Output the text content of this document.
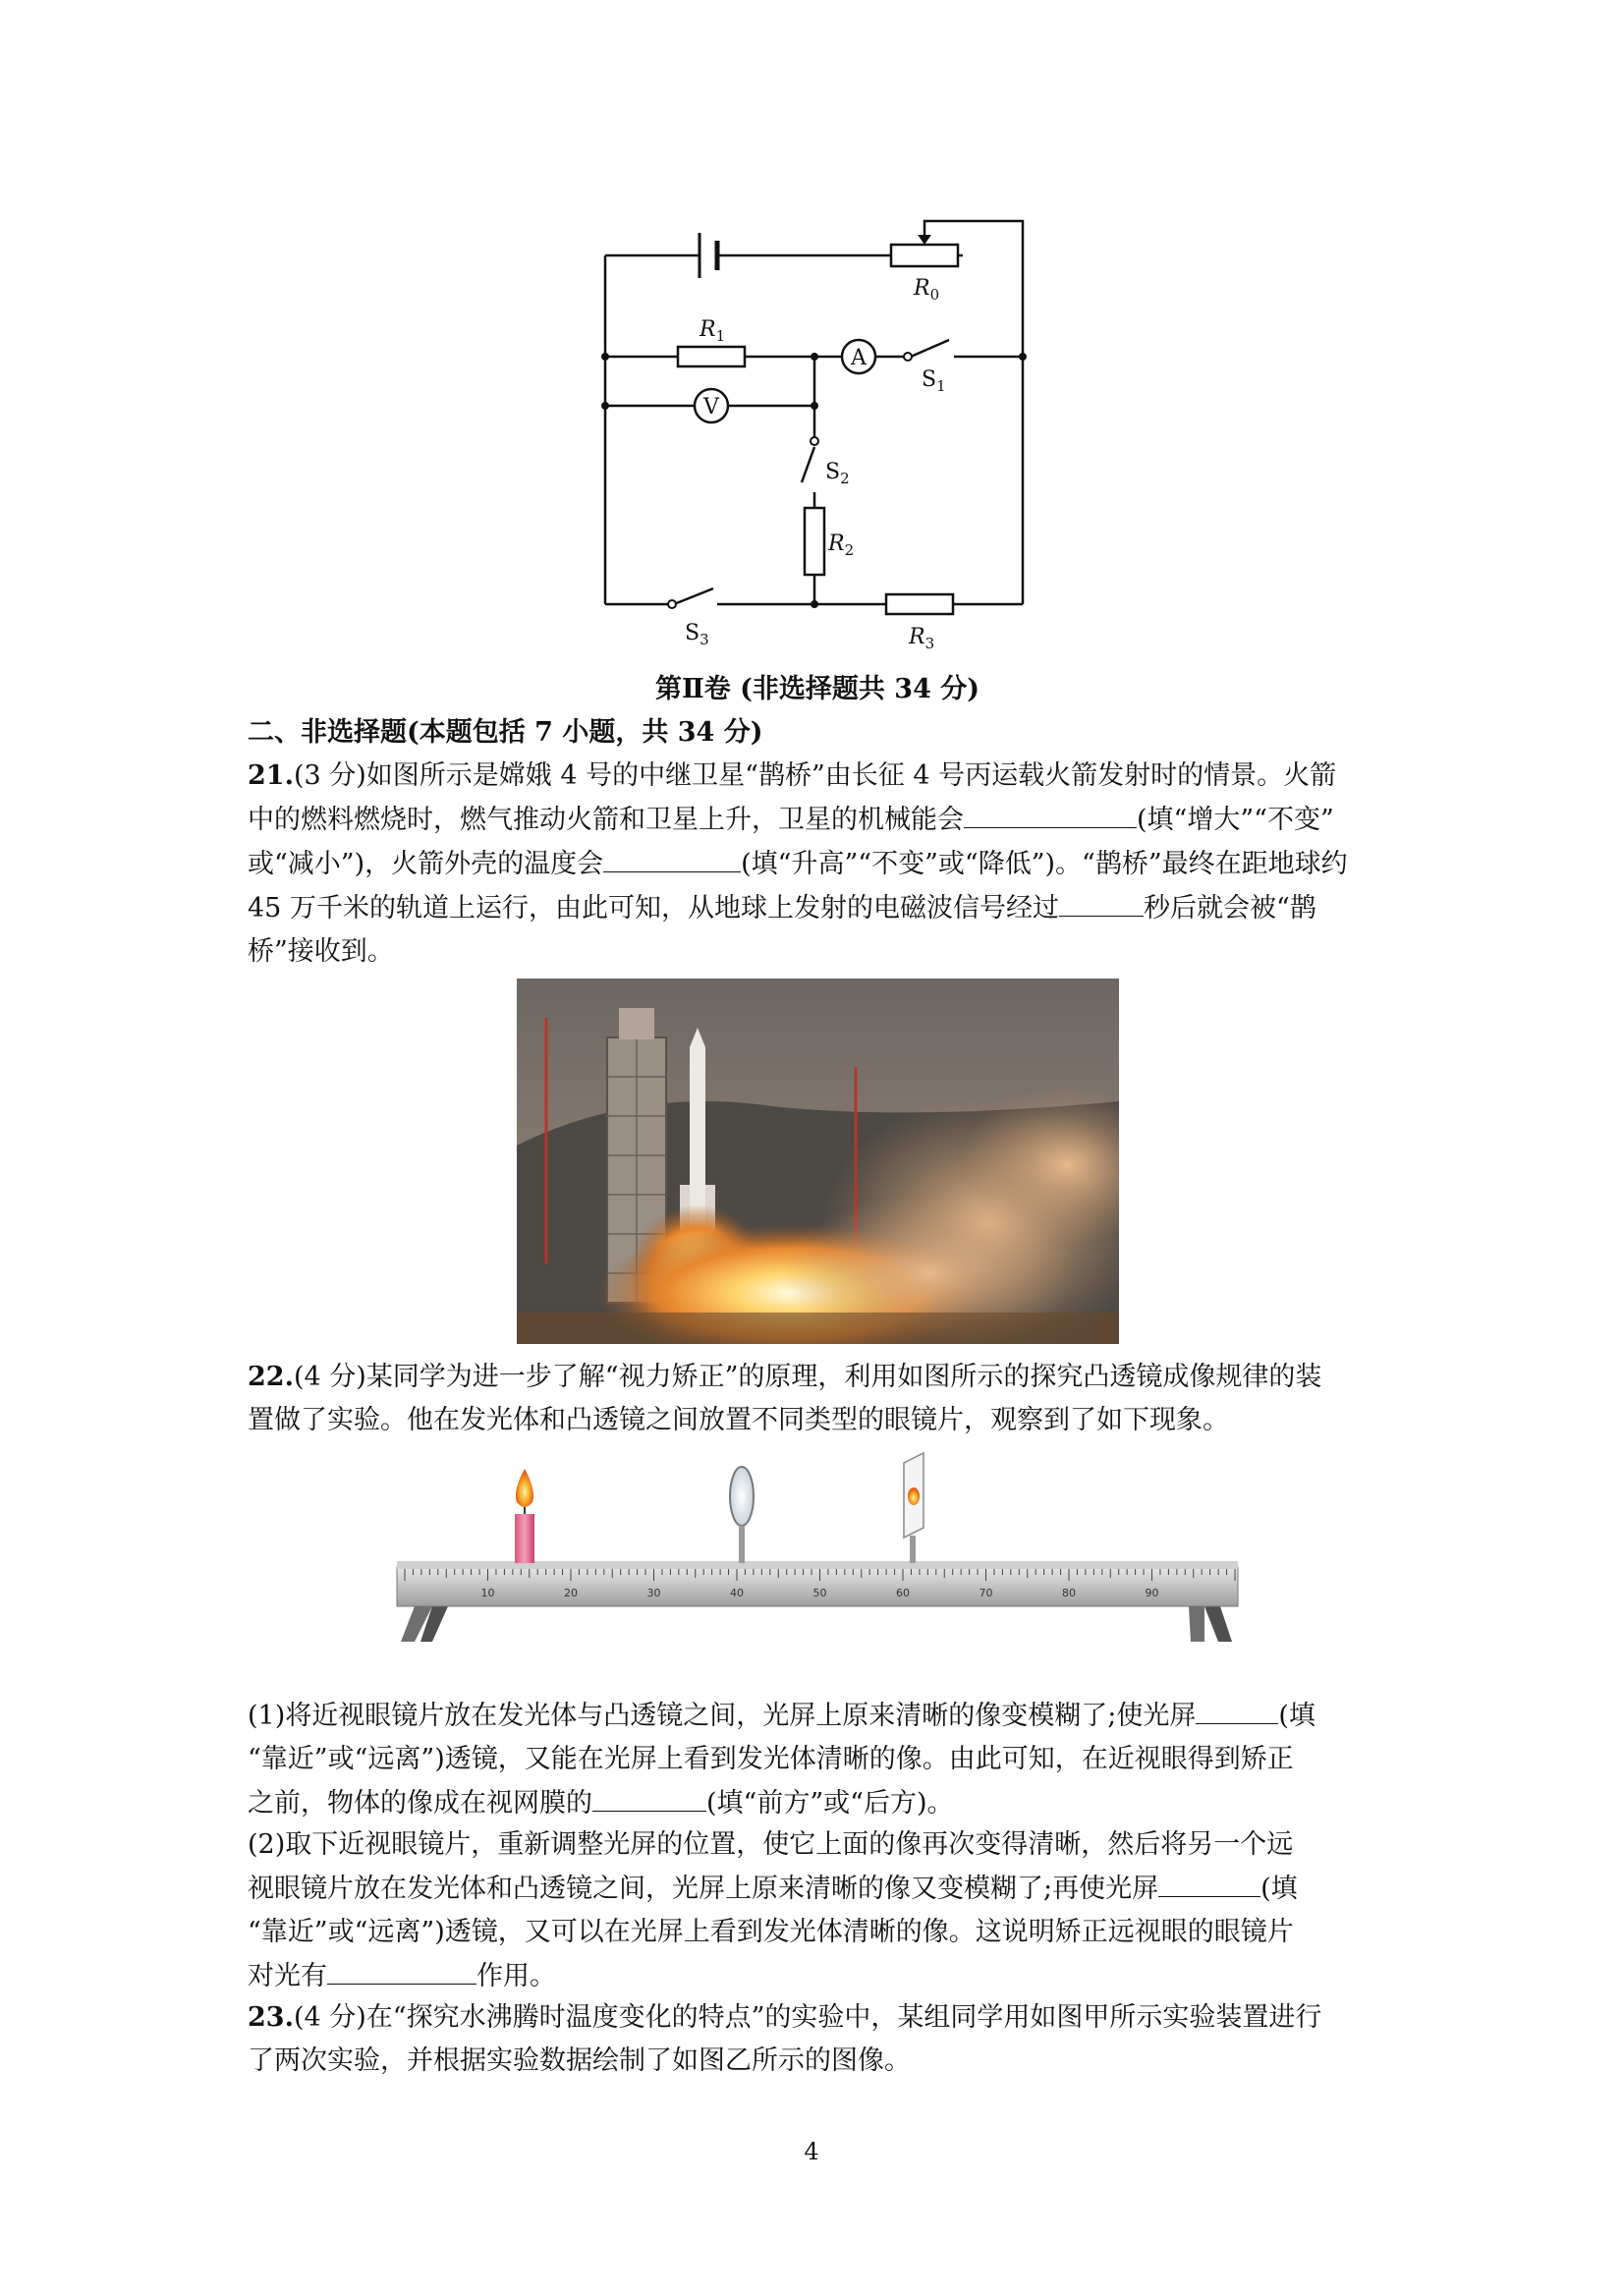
$R_0$
$R_1$
$R_2$
$R_3$
$S_1$
$S_2$
$S_3$
A
V
第Ⅱ卷 (非选择题共 34 分)
二、非选择题(本题包括 7 小题，共 34 分)
21.(3 分)如图所示是嫦娥 4 号的中继卫星“鹊桥”由长征 4 号丙运载火箭发射时的情景。火箭
中的燃料燃烧时，燃气推动火箭和卫星上升，卫星的机械能会	(填“增大”“不变”
或“减小”)，火箭外壳的温度会	(填“升高”“不变”或“降低”)。“鹊桥”最终在距地球约
45 万千米的轨道上运行，由此可知，从地球上发射的电磁波信号经过	秒后就会被“鹊
桥”接收到。
22.(4 分)某同学为进一步了解“视力矫正”的原理，利用如图所示的探究凸透镜成像规律的装
置做了实验。他在发光体和凸透镜之间放置不同类型的眼镜片，观察到了如下现象。
10	20	30	40	50	60	70	80	90
(1)将近视眼镜片放在发光体与凸透镜之间，光屏上原来清晰的像变模糊了;使光屏	(填
“靠近”或“远离”)透镜，又能在光屏上看到发光体清晰的像。由此可知，在近视眼得到矫正
之前，物体的像成在视网膜的	(填“前方”或“后方)。
(2)取下近视眼镜片，重新调整光屏的位置，使它上面的像再次变得清晰，然后将另一个远
视眼镜片放在发光体和凸透镜之间，光屏上原来清晰的像又变模糊了;再使光屏	(填
“靠近”或“远离”)透镜，又可以在光屏上看到发光体清晰的像。这说明矫正远视眼的眼镜片
对光有	作用。
23.(4 分)在“探究水沸腾时温度变化的特点”的实验中，某组同学用如图甲所示实验装置进行
了两次实验，并根据实验数据绘制了如图乙所示的图像。
4
